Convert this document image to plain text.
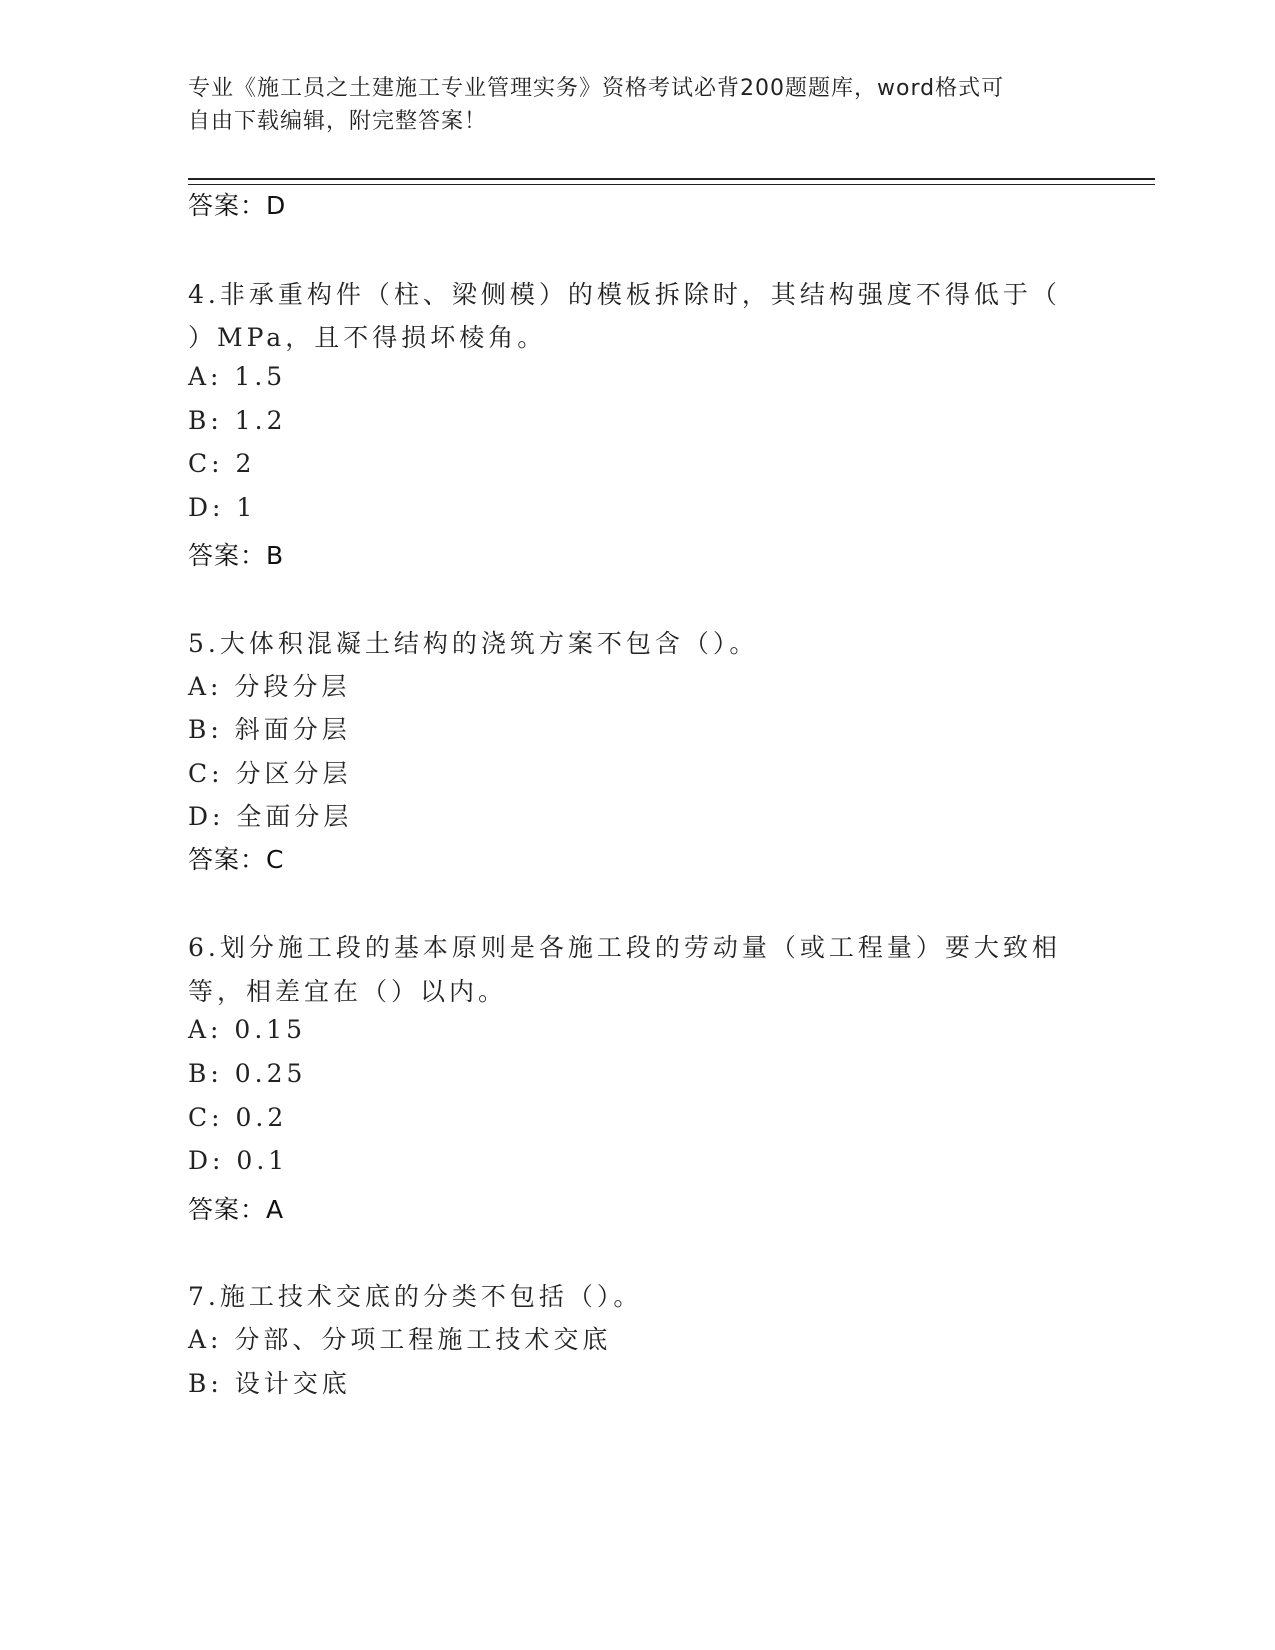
专业《施工员之土建施工专业管理实务》资格考试必背200题题库，word格式可
自由下载编辑，附完整答案！
答案：D
4.非承重构件（柱、梁侧模）的模板拆除时，其结构强度不得低于（
）MPa，且不得损坏棱角。
A: 1.5
B: 1.2
C: 2
D: 1
答案：B
5.大体积混凝土结构的浇筑方案不包含（）。
A: 分段分层
B: 斜面分层
C: 分区分层
D: 全面分层
答案：C
6.划分施工段的基本原则是各施工段的劳动量（或工程量）要大致相
等，相差宜在（）以内。
A: 0.15
B: 0.25
C: 0.2
D: 0.1
答案：A
7.施工技术交底的分类不包括（）。
A: 分部、分项工程施工技术交底
B: 设计交底
